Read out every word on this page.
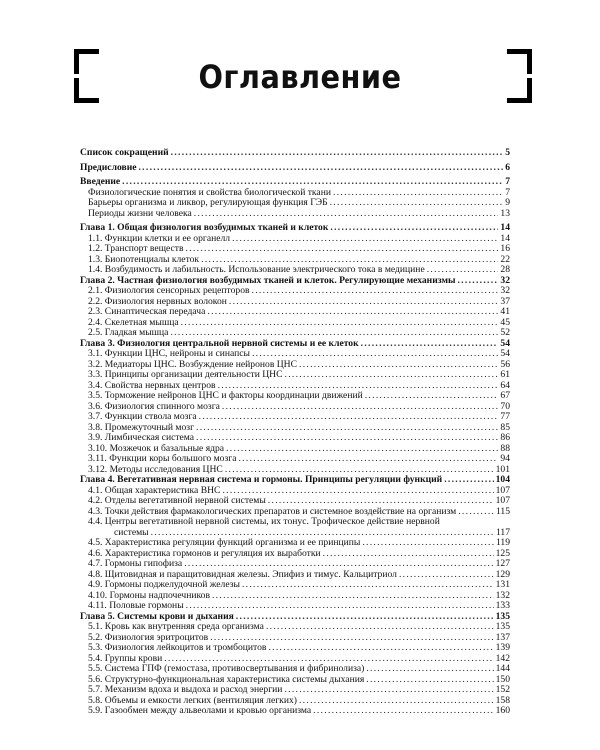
Оглавление
Список сокращений .....	5
Предисловие .....	6
Введение .....	7
Физиологические понятия и свойства биологической ткани .....	7
Барьеры организма и ликвор, регулирующая функция ГЭБ .....	9
Периоды жизни человека .....	13
Глава 1. Общая физиология возбудимых тканей и клеток .....	14
1.1. Функции клетки и ее органелл .....	14
1.2. Транспорт веществ .....	16
1.3. Биопотенциалы клеток .....	22
1.4. Возбудимость и лабильность. Использование электрического тока в медицине .....	28
Глава 2. Частная физиология возбудимых тканей и клеток. Регулирующие механизмы .....	32
2.1. Физиология сенсорных рецепторов .....	32
2.2. Физиология нервных волокон .....	37
2.3. Синаптическая передача .....	41
2.4. Скелетная мышца .....	45
2.5. Гладкая мышца .....	52
Глава 3. Физиология центральной нервной системы и ее клеток .....	54
3.1. Функции ЦНС, нейроны и синапсы .....	54
3.2. Медиаторы ЦНС. Возбуждение нейронов ЦНС .....	56
3.3. Принципы организации деятельности ЦНС .....	61
3.4. Свойства нервных центров .....	64
3.5. Торможение нейронов ЦНС и факторы координации движений .....	67
3.6. Физиология спинного мозга .....	70
3.7. Функции ствола мозга .....	77
3.8. Промежуточный мозг .....	85
3.9. Лимбическая система .....	86
3.10. Мозжечок и базальные ядра .....	88
3.11. Функции коры большого мозга .....	94
3.12. Методы исследования ЦНС .....	101
Глава 4. Вегетативная нервная система и гормоны. Принципы регуляции функций .....	104
4.1. Общая характеристика ВНС .....	107
4.2. Отделы вегетативной нервной системы .....	107
4.3. Точки действия фармакологических препаратов и системное воздействие на организм .....	115
4.4. Центры вегетативной нервной системы, их тонус. Трофическое действие нервной
системы .....	117
4.5. Характеристика регуляции функций организма и ее принципы .....	119
4.6. Характеристика гормонов и регуляция их выработки .....	125
4.7. Гормоны гипофиза .....	127
4.8. Щитовидная и паращитовидная железы. Эпифиз и тимус. Кальцитриол .....	129
4.9. Гормоны поджелудочной железы .....	131
4.10. Гормоны надпочечников .....	132
4.11. Половые гормоны .....	133
Глава 5. Системы крови и дыхания .....	135
5.1. Кровь как внутренняя среда организма .....	135
5.2. Физиология эритроцитов .....	137
5.3. Физиология лейкоцитов и тромбоцитов .....	139
5.4. Группы крови .....	142
5.5. Система ГПФ (гемостаза, противосвертывания и фибринолиза) .....	144
5.6. Структурно-функциональная характеристика системы дыхания .....	150
5.7. Механизм вдоха и выдоха и расход энергии .....	152
5.8. Объемы и емкости легких (вентиляция легких) .....	158
5.9. Газообмен между альвеолами и кровью организма .....	160
